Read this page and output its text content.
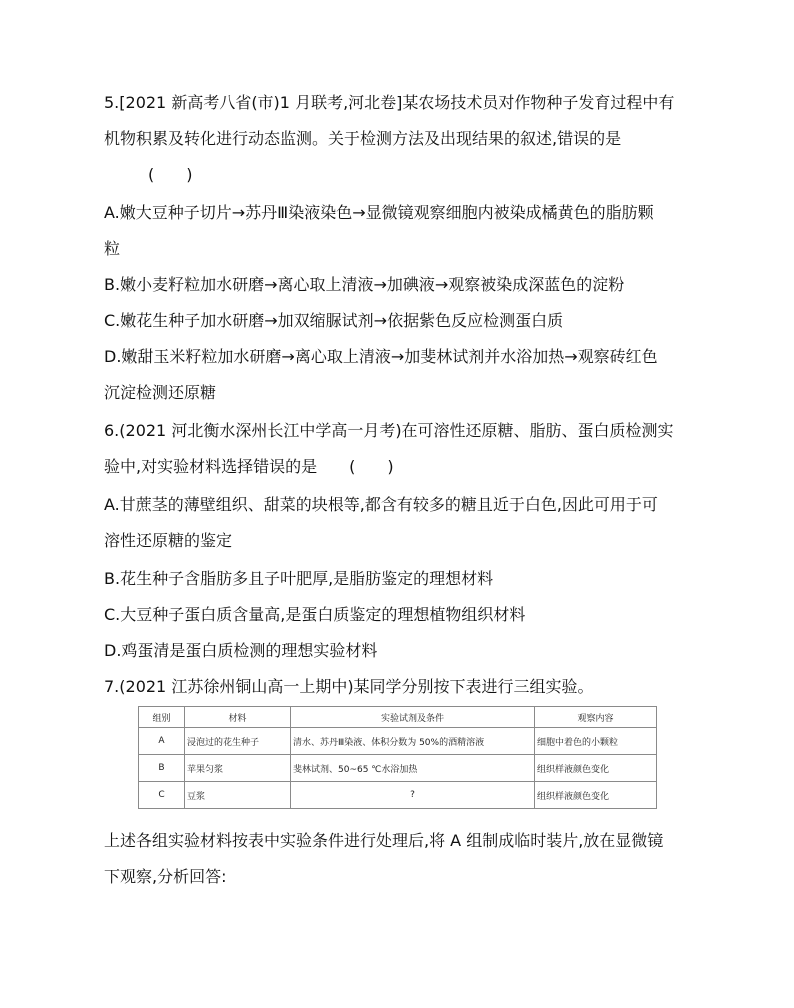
5.[2021 新高考八省(市)1 月联考,河北卷]某农场技术员对作物种子发育过程中有
机物积累及转化进行动态监测。关于检测方法及出现结果的叙述,错误的是
(　　)
A.嫩大豆种子切片→苏丹Ⅲ染液染色→显微镜观察细胞内被染成橘黄色的脂肪颗
粒
B.嫩小麦籽粒加水研磨→离心取上清液→加碘液→观察被染成深蓝色的淀粉
C.嫩花生种子加水研磨→加双缩脲试剂→依据紫色反应检测蛋白质
D.嫩甜玉米籽粒加水研磨→离心取上清液→加斐林试剂并水浴加热→观察砖红色
沉淀检测还原糖
6.(2021 河北衡水深州长江中学高一月考)在可溶性还原糖、脂肪、蛋白质检测实
验中,对实验材料选择错误的是　　(　　)
A.甘蔗茎的薄壁组织、甜菜的块根等,都含有较多的糖且近于白色,因此可用于可
溶性还原糖的鉴定
B.花生种子含脂肪多且子叶肥厚,是脂肪鉴定的理想材料
C.大豆种子蛋白质含量高,是蛋白质鉴定的理想植物组织材料
D.鸡蛋清是蛋白质检测的理想实验材料
7.(2021 江苏徐州铜山高一上期中)某同学分别按下表进行三组实验。
组别	材料	实验试剂及条件	观察内容
A	浸泡过的花生种子	清水、苏丹Ⅲ染液、体积分数为 50%的酒精溶液	细胞中着色的小颗粒
B	苹果匀浆	斐林试剂、50~65 ℃水浴加热	组织样液颜色变化
C	豆浆	?	组织样液颜色变化
上述各组实验材料按表中实验条件进行处理后,将 A 组制成临时装片,放在显微镜
下观察,分析回答:
